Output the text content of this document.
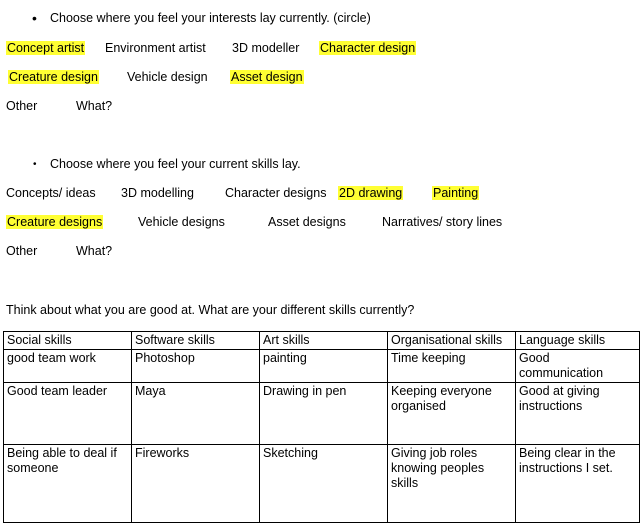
• Choose where you feel your interests lay currently. (circle)
Concept artist Environment artist 3D modeller Character design
Creature design Vehicle design Asset design
Other	What?
• Choose where you feel your current skills lay.
Concepts/ ideas 3D modelling Character designs 2D drawing Painting
Creature designs	Vehicle designs	Asset designs	Narratives/ story lines
Other	What?
Think about what you are good at. What are your different skills currently?
Social skills	Software skills	Art skills	Organisational skills	Language skills
good team work	Photoshop	painting	Time keeping	Good communication
Good team leader	Maya	Drawing in pen	Keeping everyone organised	Good at giving instructions
Being able to deal if someone	Fireworks	Sketching	Giving job roles knowing peoples skills	Being clear in the instructions I set.
